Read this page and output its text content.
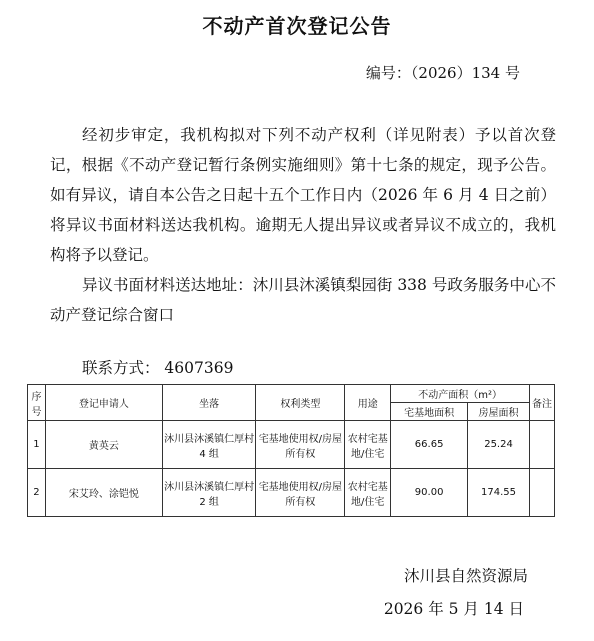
不动产首次登记公告
编号：（2026）134 号

经初步审定，我机构拟对下列不动产权利（详见附表）予以首次登记，根据《不动产登记暂行条例实施细则》第十七条的规定，现予公告。如有异议，请自本公告之日起十五个工作日内（2026 年 6 月 4 日之前）将异议书面材料送达我机构。逾期无人提出异议或者异议不成立的，我机构将予以登记。

异议书面材料送达地址：沐川县沐溪镇梨园街 338 号政务服务中心不动产登记综合窗口

联系方式： 4607369
序号	登记申请人	坐落	权利类型	用途	不动产面积（m²）		备注
					宅基地面积	房屋面积	
1	黄英云	沐川县沐溪镇仁厚村 4 组	宅基地使用权/房屋所有权	农村宅基地/住宅	66.65	25.24	
2	宋艾玲、涂铠悦	沐川县沐溪镇仁厚村 2 组	宅基地使用权/房屋所有权	农村宅基地/住宅	90.00	174.55	
沐川县自然资源局
2026 年 5 月 14 日
